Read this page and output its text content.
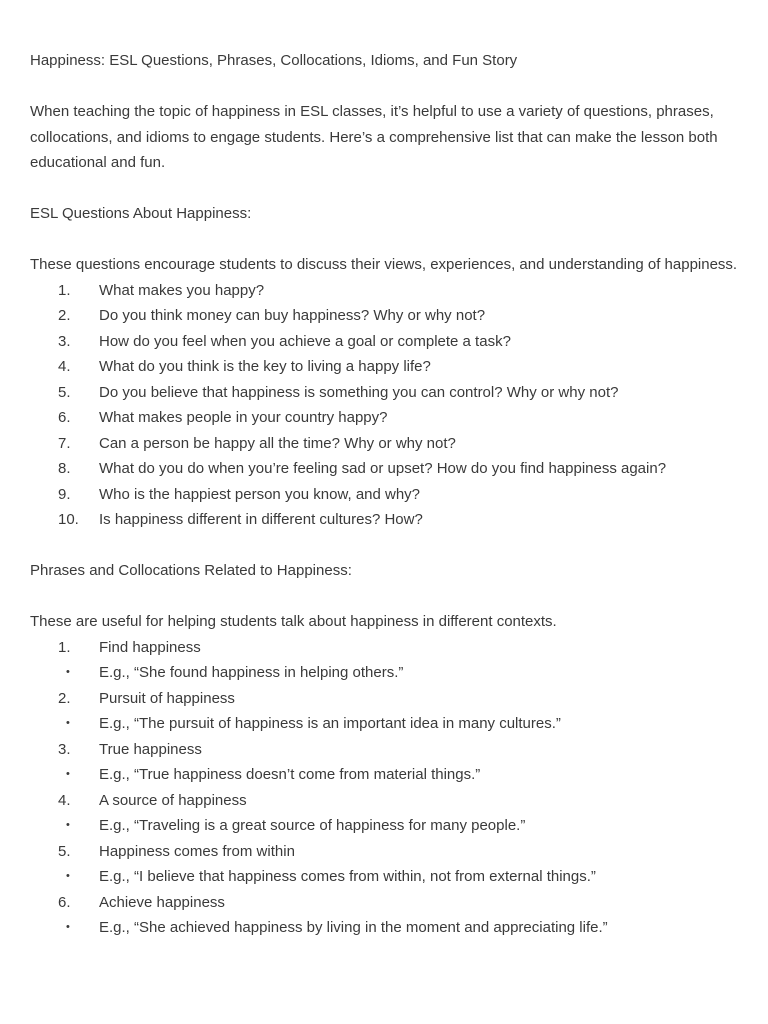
Happiness: ESL Questions, Phrases, Collocations, Idioms, and Fun Story

When teaching the topic of happiness in ESL classes, it’s helpful to use a variety of questions, phrases, collocations, and idioms to engage students. Here’s a comprehensive list that can make the lesson both educational and fun.

ESL Questions About Happiness:

These questions encourage students to discuss their views, experiences, and understanding of happiness.

1.	What makes you happy?
2.	Do you think money can buy happiness? Why or why not?
3.	How do you feel when you achieve a goal or complete a task?
4.	What do you think is the key to living a happy life?
5.	Do you believe that happiness is something you can control? Why or why not?
6.	What makes people in your country happy?
7.	Can a person be happy all the time? Why or why not?
8.	What do you do when you’re feeling sad or upset? How do you find happiness again?
9.	Who is the happiest person you know, and why?
10.	Is happiness different in different cultures? How?

Phrases and Collocations Related to Happiness:

These are useful for helping students talk about happiness in different contexts.

1.	Find happiness
• E.g., “She found happiness in helping others.”
2.	Pursuit of happiness
• E.g., “The pursuit of happiness is an important idea in many cultures.”
3.	True happiness
• E.g., “True happiness doesn’t come from material things.”
4.	A source of happiness
• E.g., “Traveling is a great source of happiness for many people.”
5.	Happiness comes from within
• E.g., “I believe that happiness comes from within, not from external things.”
6.	Achieve happiness
• E.g., “She achieved happiness by living in the moment and appreciating life.”
